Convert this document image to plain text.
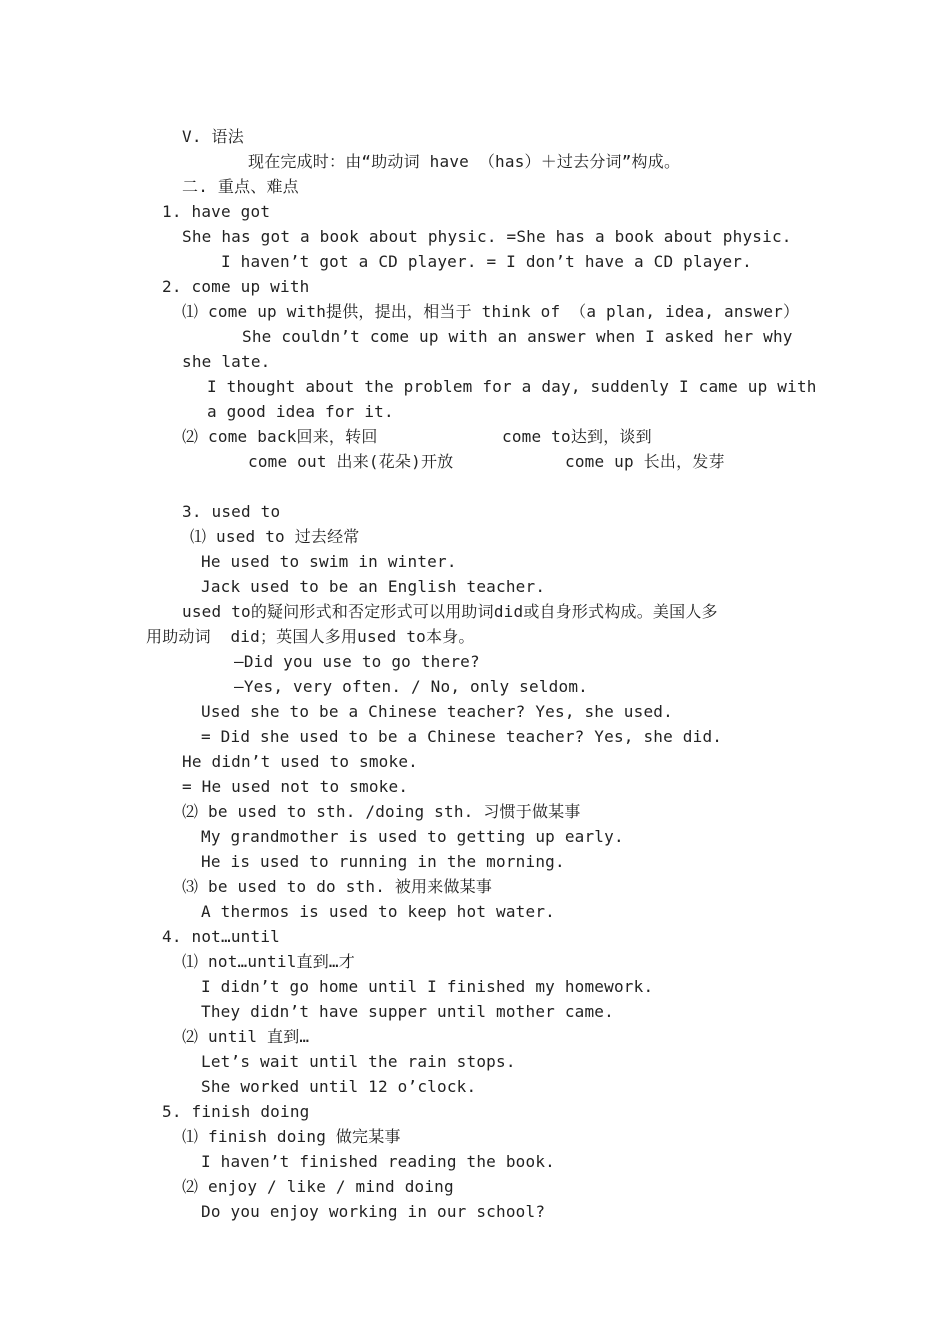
V. 语法
现在完成时：由“助动词 have （has）＋过去分词”构成。
二. 重点、难点
1. have got
She has got a book about physic. =She has a book about physic.
I haven’t got a CD player. = I don’t have a CD player.
2. come up with
⑴ come up with提供，提出，相当于 think of （a plan, idea, answer）
She couldn’t come up with an answer when I asked her why
she late.
I thought about the problem for a day, suddenly I came up with
a good idea for it.
⑵ come back回来，转回	come to达到，谈到
come out 出来(花朵)开放	come up 长出，发芽
3. used to
⑴ used to 过去经常
He used to swim in winter.
Jack used to be an English teacher.
used to的疑问形式和否定形式可以用助词did或自身形式构成。美国人多
用助动词  did；英国人多用used to本身。
–Did you use to go there?
–Yes, very often. / No, only seldom.
Used she to be a Chinese teacher? Yes, she used.
= Did she used to be a Chinese teacher? Yes, she did.
He didn’t used to smoke.
= He used not to smoke.
⑵ be used to sth. /doing sth. 习惯于做某事
My grandmother is used to getting up early.
He is used to running in the morning.
⑶ be used to do sth. 被用来做某事
A thermos is used to keep hot water.
4. not…until
⑴ not…until直到…才
I didn’t go home until I finished my homework.
They didn’t have supper until mother came.
⑵ until 直到…
Let’s wait until the rain stops.
She worked until 12 o’clock.
5. finish doing
⑴ finish doing 做完某事
I haven’t finished reading the book.
⑵ enjoy / like / mind doing
Do you enjoy working in our school?
